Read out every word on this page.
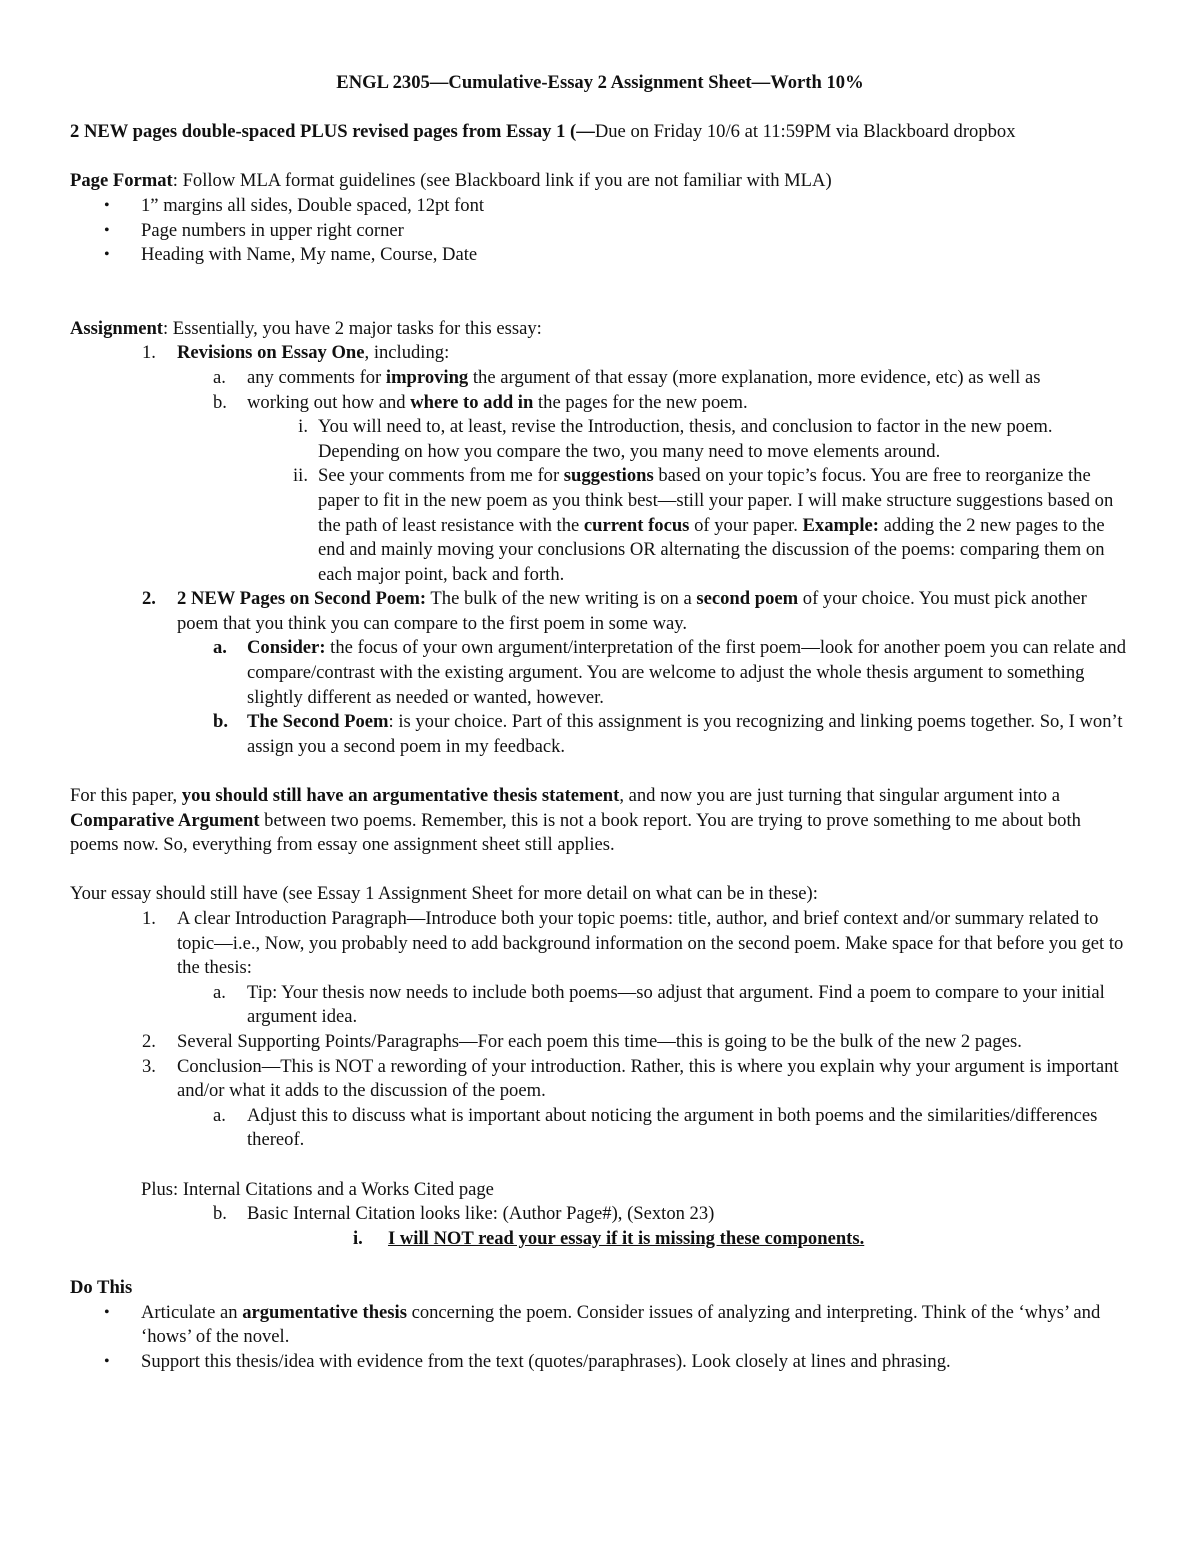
ENGL 2305—Cumulative-Essay 2 Assignment Sheet—Worth 10%

2 NEW pages double-spaced PLUS revised pages from Essay 1 (—Due on Friday 10/6 at 11:59PM via Blackboard dropbox

Page Format: Follow MLA format guidelines (see Blackboard link if you are not familiar with MLA)

• 1” margins all sides, Double spaced, 12pt font
• Page numbers in upper right corner
• Heading with Name, My name, Course, Date

Assignment: Essentially, you have 2 major tasks for this essay:

1. Revisions on Essay One, including:
a. any comments for improving the argument of that essay (more explanation, more evidence, etc) as well as
b. working out how and where to add in the pages for the new poem.
i. You will need to, at least, revise the Introduction, thesis, and conclusion to factor in the new poem. Depending on how you compare the two, you many need to move elements around.
ii. See your comments from me for suggestions based on your topic’s focus. You are free to reorganize the paper to fit in the new poem as you think best—still your paper. I will make structure suggestions based on the path of least resistance with the current focus of your paper. Example: adding the 2 new pages to the end and mainly moving your conclusions OR alternating the discussion of the poems: comparing them on each major point, back and forth.
2. 2 NEW Pages on Second Poem: The bulk of the new writing is on a second poem of your choice. You must pick another poem that you think you can compare to the first poem in some way.
a. Consider: the focus of your own argument/interpretation of the first poem—look for another poem you can relate and compare/contrast with the existing argument. You are welcome to adjust the whole thesis argument to something slightly different as needed or wanted, however.
b. The Second Poem: is your choice. Part of this assignment is you recognizing and linking poems together. So, I won’t assign you a second poem in my feedback.

For this paper, you should still have an argumentative thesis statement, and now you are just turning that singular argument into a Comparative Argument between two poems. Remember, this is not a book report. You are trying to prove something to me about both poems now. So, everything from essay one assignment sheet still applies.

Your essay should still have (see Essay 1 Assignment Sheet for more detail on what can be in these):

1. A clear Introduction Paragraph—Introduce both your topic poems: title, author, and brief context and/or summary related to topic—i.e., Now, you probably need to add background information on the second poem. Make space for that before you get to the thesis:
a. Tip: Your thesis now needs to include both poems—so adjust that argument. Find a poem to compare to your initial argument idea.
2. Several Supporting Points/Paragraphs—For each poem this time—this is going to be the bulk of the new 2 pages.
3. Conclusion—This is NOT a rewording of your introduction. Rather, this is where you explain why your argument is important and/or what it adds to the discussion of the poem.
a. Adjust this to discuss what is important about noticing the argument in both poems and the similarities/differences thereof.

Plus: Internal Citations and a Works Cited page

b. Basic Internal Citation looks like: (Author Page#), (Sexton 23)

i. I will NOT read your essay if it is missing these components.

Do This

• Articulate an argumentative thesis concerning the poem. Consider issues of analyzing and interpreting. Think of the ‘whys’ and ‘hows’ of the novel.
• Support this thesis/idea with evidence from the text (quotes/paraphrases). Look closely at lines and phrasing.
